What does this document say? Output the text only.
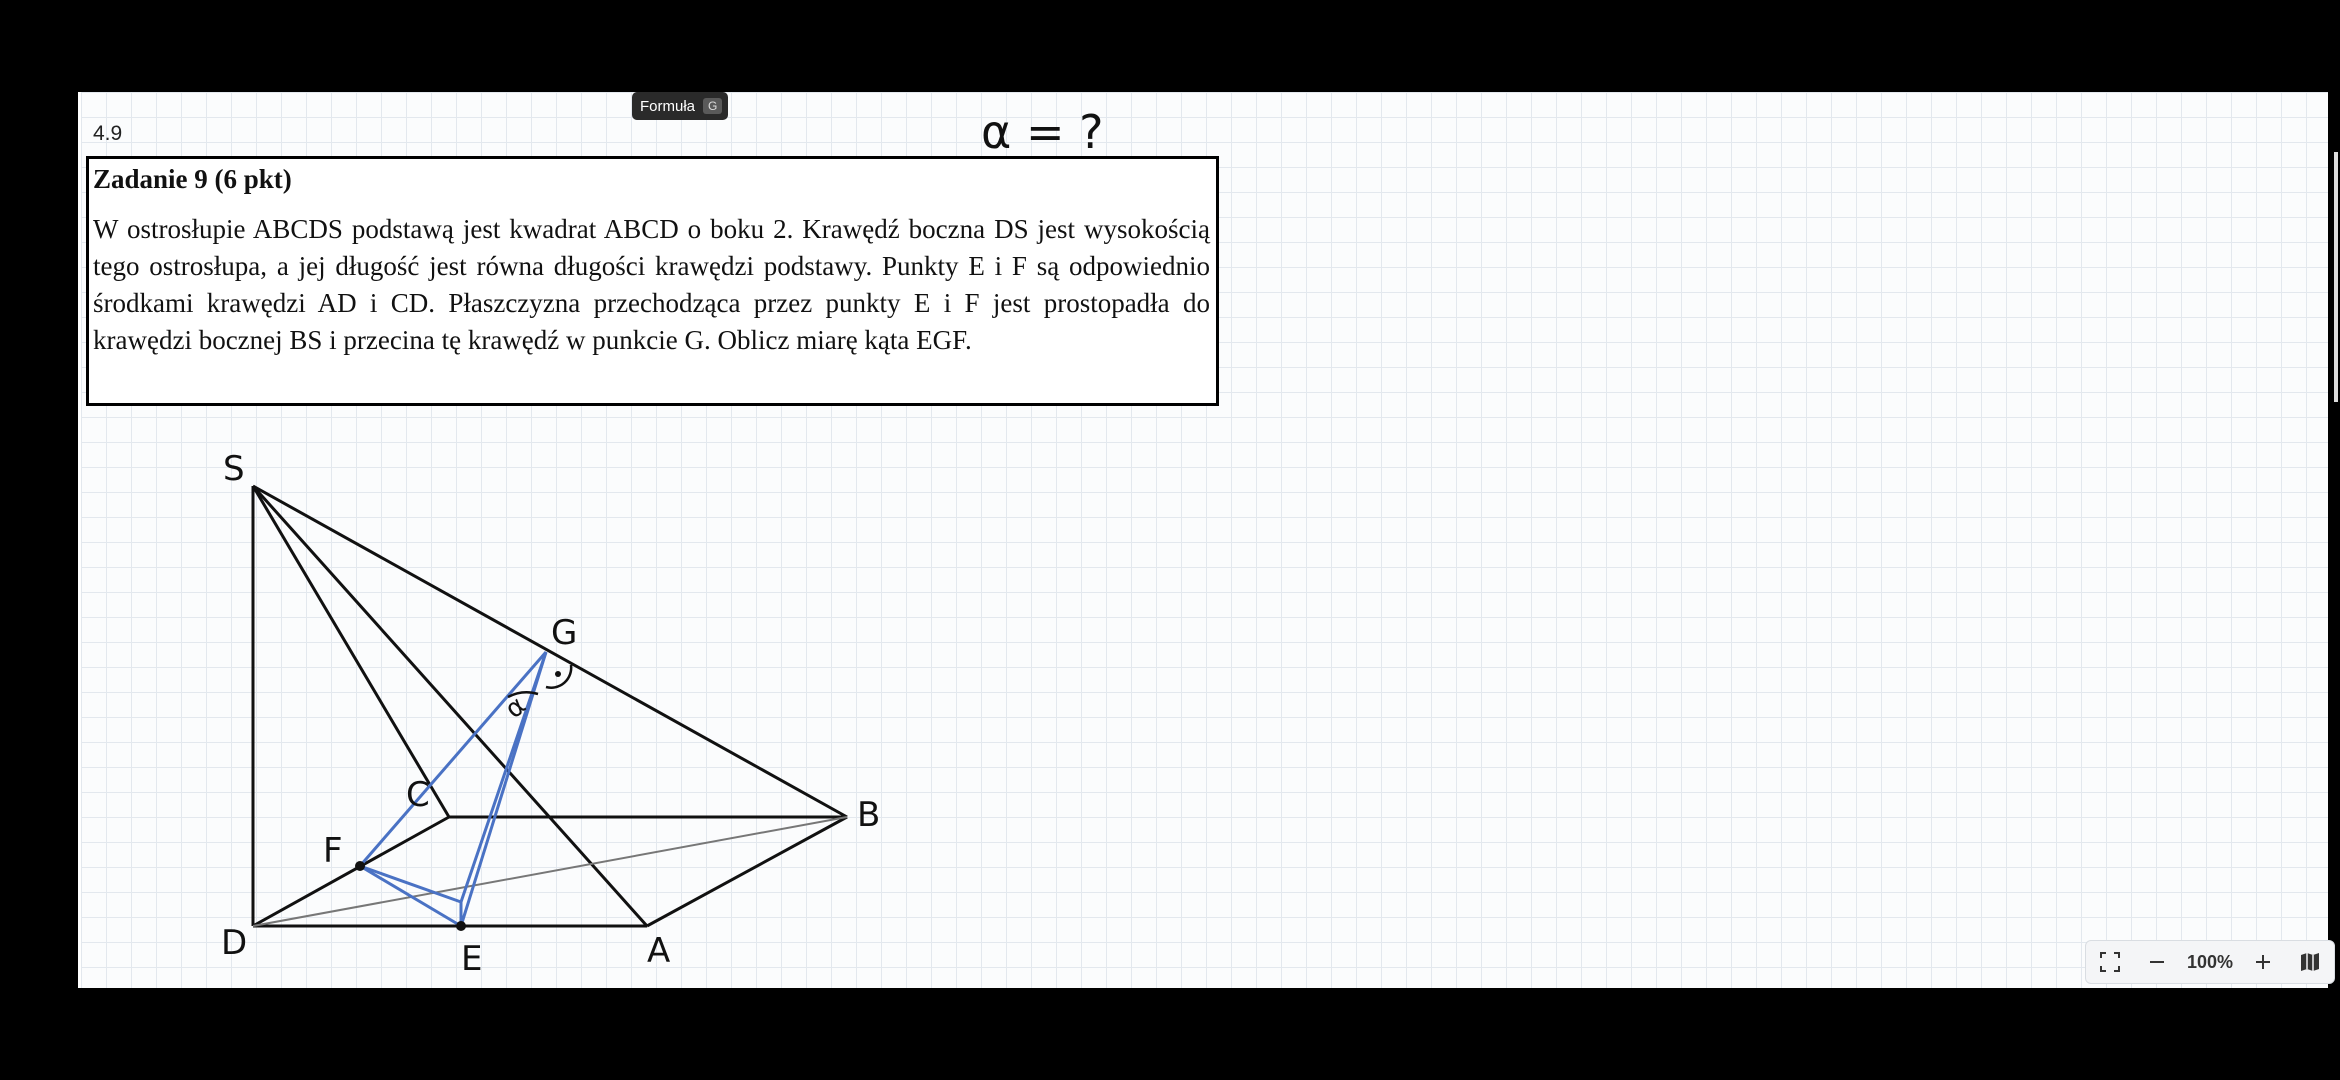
4.9
Zadanie 9 (6 pkt)
W ostrosłupie ABCDS podstawą jest kwadrat ABCD o boku 2. Krawędź boczna DS jest wysokością tego ostrosłupa, a jej długość jest równa długości krawędzi podstawy. Punkty E i F są odpowiednio środkami krawędzi AD i CD. Płaszczyzna przechodząca przez punkty E i F jest prostopadła do krawędzi bocznej BS i przecina tę krawędź w punkcie G. Oblicz miarę kąta EGF.
α = ?
S
G
C
F
B
D	E	A
α
Formuła	G
100%
